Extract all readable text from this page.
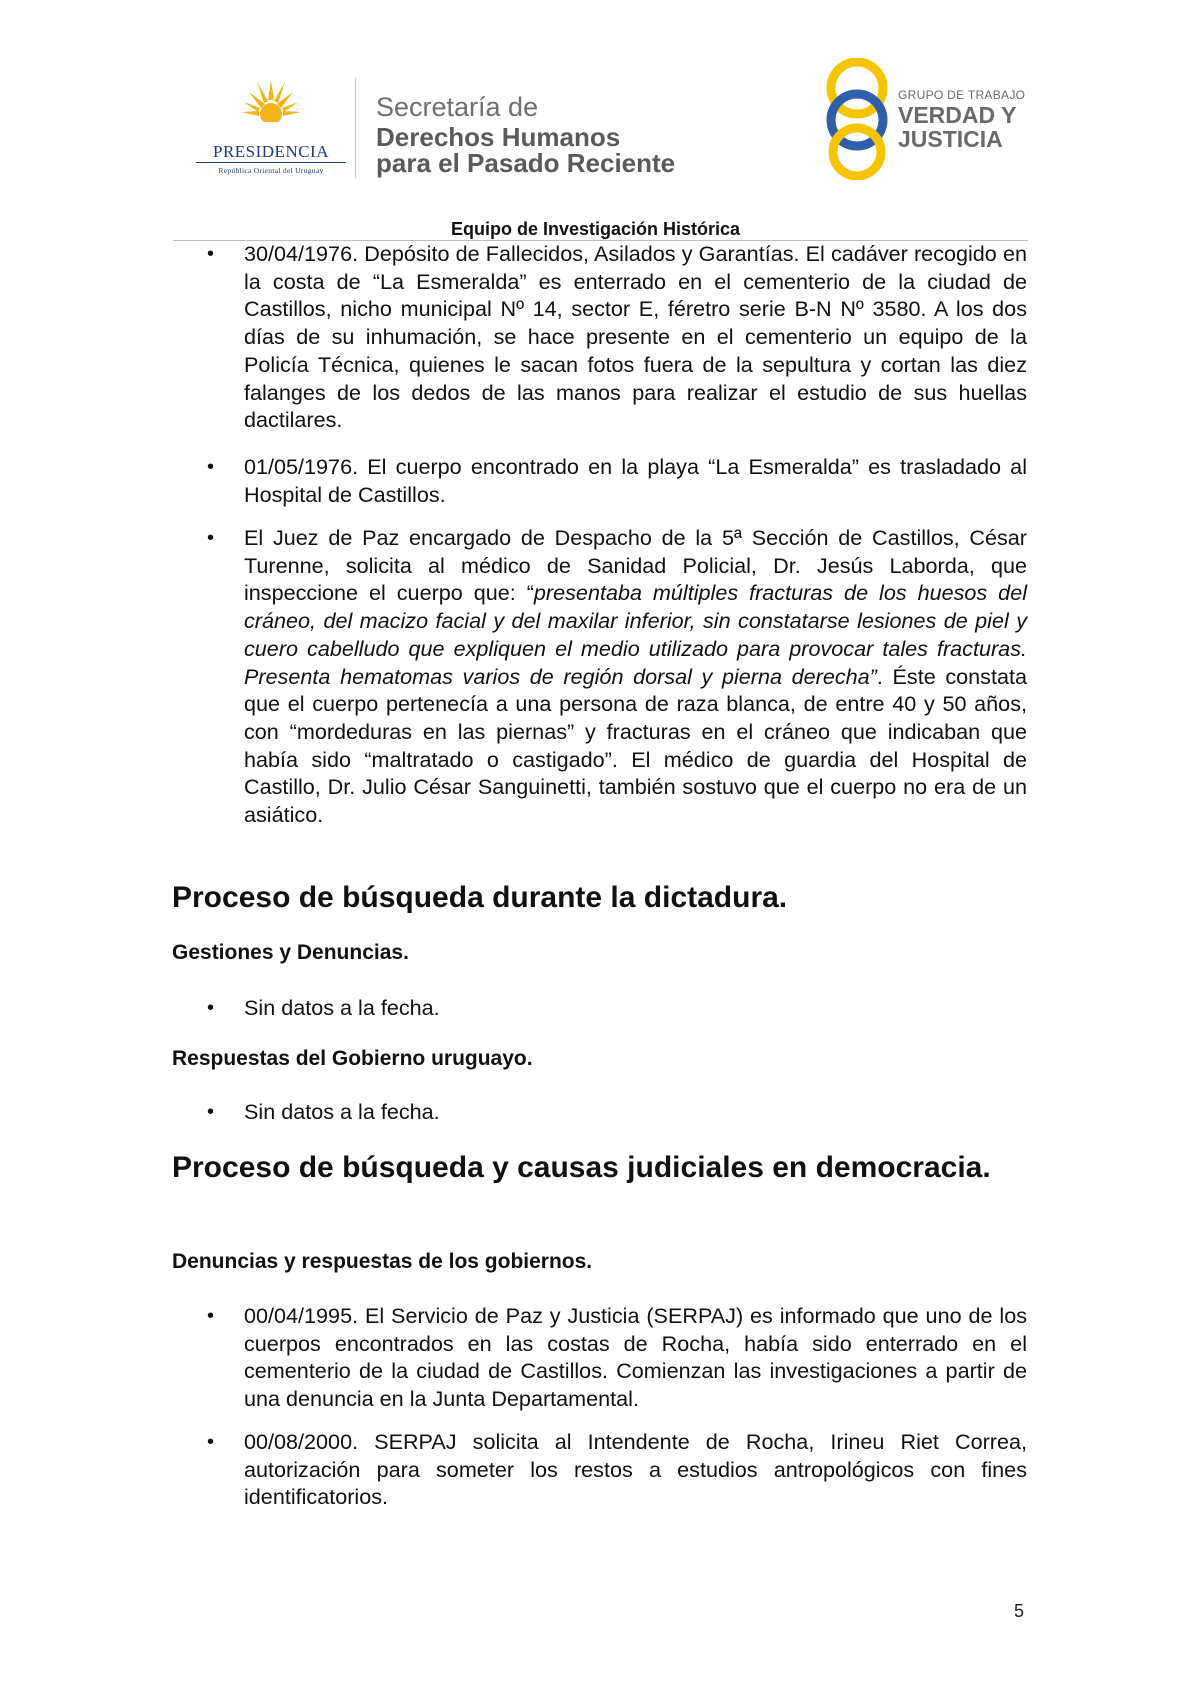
PRESIDENCIA
República Oriental del Uruguay
Secretaría de
Derechos Humanos
para el Pasado Reciente
GRUPO DE TRABAJO
VERDAD Y
JUSTICIA
Equipo de Investigación Histórica
• 30/04/1976. Depósito de Fallecidos, Asilados y Garantías. El cadáver recogido en la costa de “La Esmeralda” es enterrado en el cementerio de la ciudad de Castillos, nicho municipal Nº 14, sector E, féretro serie B-N Nº 3580. A los dos días de su inhumación, se hace presente en el cementerio un equipo de la Policía Técnica, quienes le sacan fotos fuera de la sepultura y cortan las diez falanges de los dedos de las manos para realizar el estudio de sus huellas dactilares.
• 01/05/1976. El cuerpo encontrado en la playa “La Esmeralda” es trasladado al Hospital de Castillos.
• El Juez de Paz encargado de Despacho de la 5ª Sección de Castillos, César Turenne, solicita al médico de Sanidad Policial, Dr. Jesús Laborda, que inspeccione el cuerpo que: “presentaba múltiples fracturas de los huesos del cráneo, del macizo facial y del maxilar inferior, sin constatarse lesiones de piel y cuero cabelludo que expliquen el medio utilizado para provocar tales fracturas. Presenta hematomas varios de región dorsal y pierna derecha”. Éste constata que el cuerpo pertenecía a una persona de raza blanca, de entre 40 y 50 años, con “mordeduras en las piernas” y fracturas en el cráneo que indicaban que había sido “maltratado o castigado”. El médico de guardia del Hospital de Castillo, Dr. Julio César Sanguinetti, también sostuvo que el cuerpo no era de un asiático.
Proceso de búsqueda durante la dictadura.
Gestiones y Denuncias.
• Sin datos a la fecha.
Respuestas del Gobierno uruguayo.
• Sin datos a la fecha.
Proceso de búsqueda y causas judiciales en democracia.
Denuncias y respuestas de los gobiernos.
• 00/04/1995. El Servicio de Paz y Justicia (SERPAJ) es informado que uno de los cuerpos encontrados en las costas de Rocha, había sido enterrado en el cementerio de la ciudad de Castillos. Comienzan las investigaciones a partir de una denuncia en la Junta Departamental.
• 00/08/2000. SERPAJ solicita al Intendente de Rocha, Irineu Riet Correa, autorización para someter los restos a estudios antropológicos con fines identificatorios.
5
